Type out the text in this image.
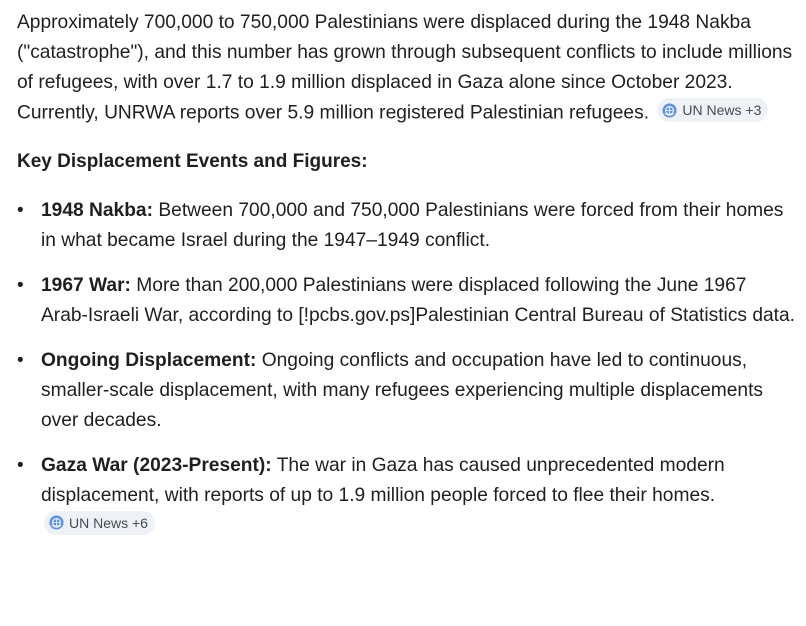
Approximately 700,000 to 750,000 Palestinians were displaced during the 1948 Nakba ("catastrophe"), and this number has grown through subsequent conflicts to include millions of refugees, with over 1.7 to 1.9 million displaced in Gaza alone since October 2023. Currently, UNRWA reports over 5.9 million registered Palestinian refugees. UN News +3

Key Displacement Events and Figures:
• 1948 Nakba: Between 700,000 and 750,000 Palestinians were forced from their homes in what became Israel during the 1947–1949 conflict.
• 1967 War: More than 200,000 Palestinians were displaced following the June 1967 Arab-Israeli War, according to [!pcbs.gov.ps]Palestinian Central Bureau of Statistics data.
• Ongoing Displacement: Ongoing conflicts and occupation have led to continuous, smaller-scale displacement, with many refugees experiencing multiple displacements over decades.
• Gaza War (2023-Present): The war in Gaza has caused unprecedented modern displacement, with reports of up to 1.9 million people forced to flee their homes.
UN News +6
